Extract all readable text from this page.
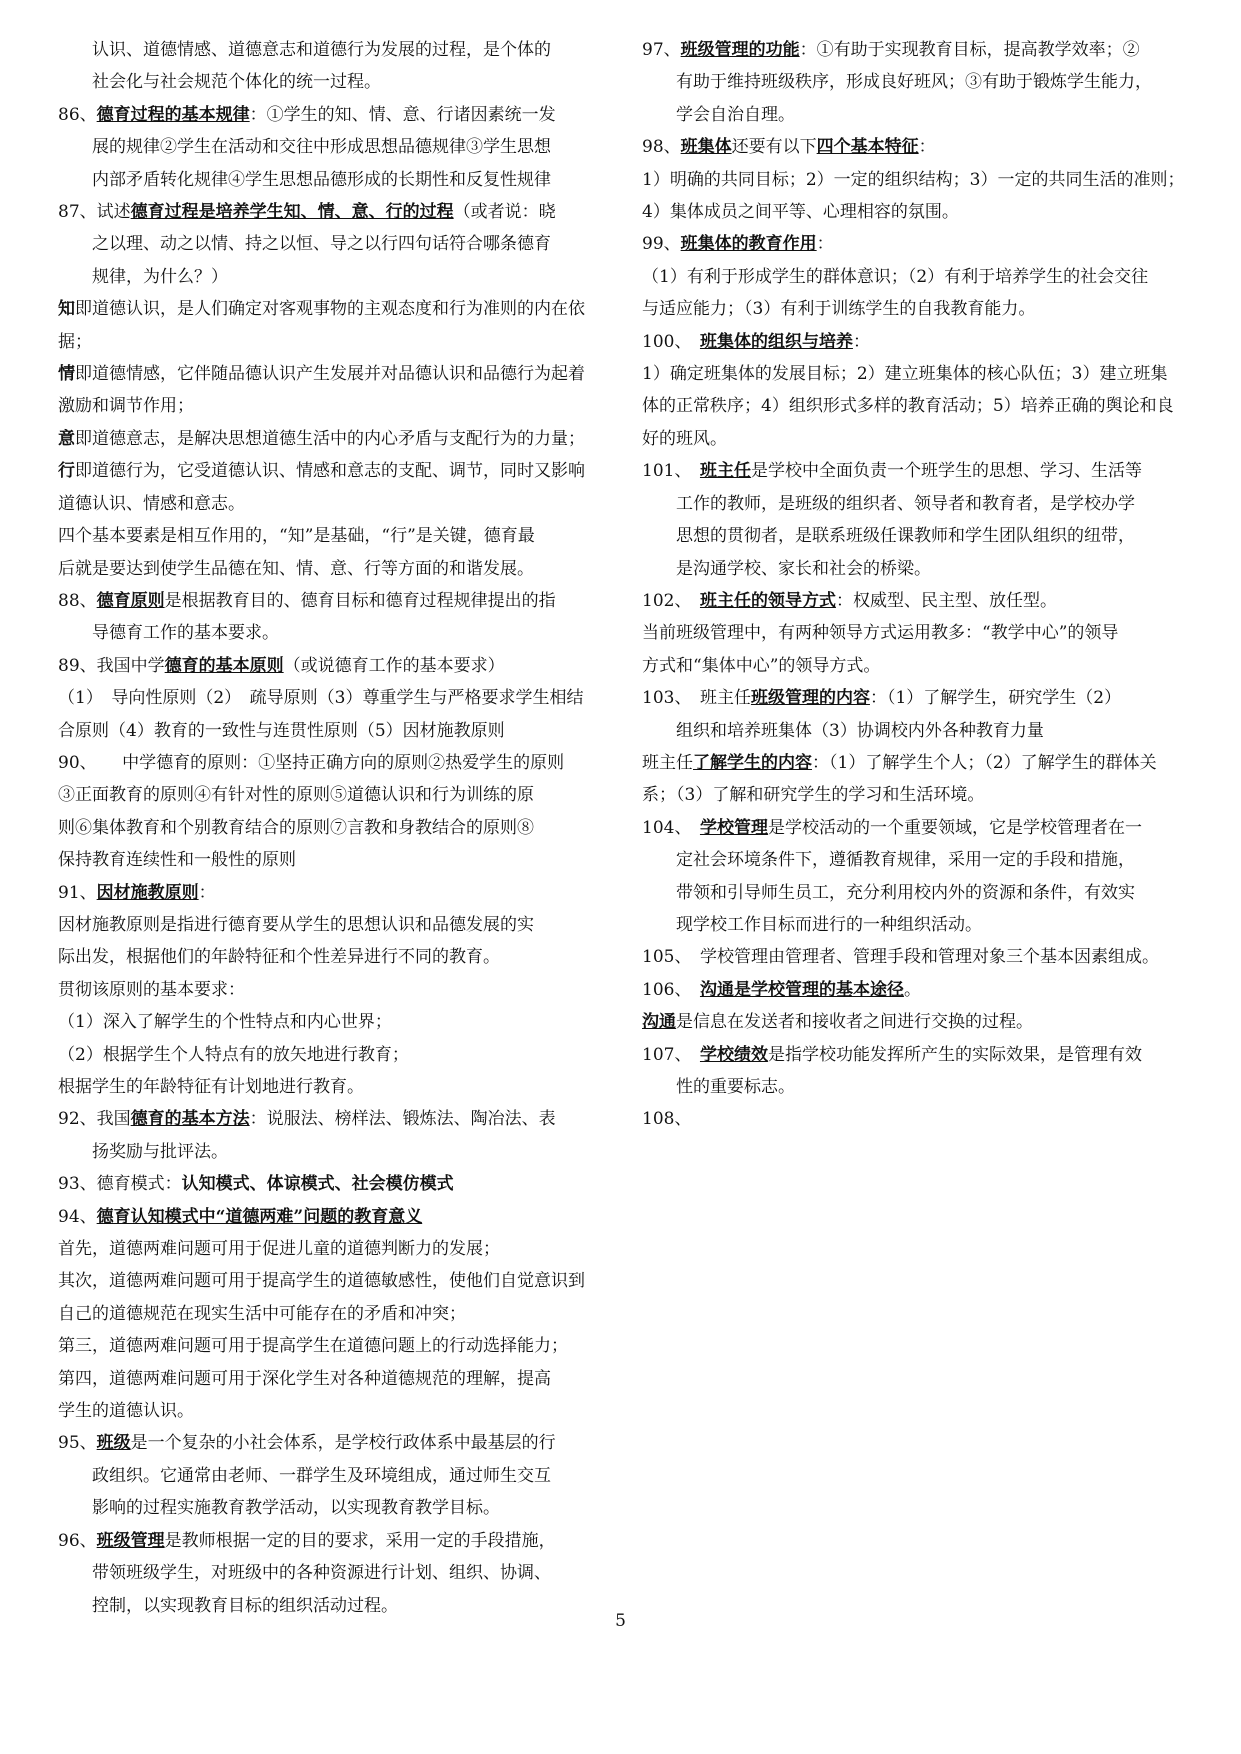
认识、道德情感、道德意志和道德行为发展的过程，是个体的
社会化与社会规范个体化的统一过程。
86、德育过程的基本规律：①学生的知、情、意、行诸因素统一发
展的规律②学生在活动和交往中形成思想品德规律③学生思想
内部矛盾转化规律④学生思想品德形成的长期性和反复性规律
87、试述德育过程是培养学生知、情、意、行的过程（或者说：晓
之以理、动之以情、持之以恒、导之以行四句话符合哪条德育
规律，为什么？）
知即道德认识，是人们确定对客观事物的主观态度和行为准则的内在依
据；
情即道德情感，它伴随品德认识产生发展并对品德认识和品德行为起着
激励和调节作用；
意即道德意志，是解决思想道德生活中的内心矛盾与支配行为的力量；
行即道德行为，它受道德认识、情感和意志的支配、调节，同时又影响
道德认识、情感和意志。
四个基本要素是相互作用的，“知”是基础，“行”是关键，德育最
后就是要达到使学生品德在知、情、意、行等方面的和谐发展。
88、德育原则是根据教育目的、德育目标和德育过程规律提出的指
导德育工作的基本要求。
89、我国中学德育的基本原则（或说德育工作的基本要求）
（1）　导向性原则（2）　疏导原则（3）尊重学生与严格要求学生相结
合原则（4）教育的一致性与连贯性原则（5）因材施教原则
90、　　中学德育的原则：①坚持正确方向的原则②热爱学生的原则
③正面教育的原则④有针对性的原则⑤道德认识和行为训练的原
则⑥集体教育和个别教育结合的原则⑦言教和身教结合的原则⑧
保持教育连续性和一般性的原则
91、因材施教原则：
因材施教原则是指进行德育要从学生的思想认识和品德发展的实
际出发，根据他们的年龄特征和个性差异进行不同的教育。
贯彻该原则的基本要求：
（1）深入了解学生的个性特点和内心世界；
（2）根据学生个人特点有的放矢地进行教育；
根据学生的年龄特征有计划地进行教育。
92、我国德育的基本方法：说服法、榜样法、锻炼法、陶冶法、表
扬奖励与批评法。
93、德育模式：认知模式、体谅模式、社会模仿模式
94、德育认知模式中“道德两难”问题的教育意义
首先，道德两难问题可用于促进儿童的道德判断力的发展；
其次，道德两难问题可用于提高学生的道德敏感性，使他们自觉意识到
自己的道德规范在现实生活中可能存在的矛盾和冲突；
第三，道德两难问题可用于提高学生在道德问题上的行动选择能力；
第四，道德两难问题可用于深化学生对各种道德规范的理解，提高
学生的道德认识。
95、班级是一个复杂的小社会体系，是学校行政体系中最基层的行
政组织。它通常由老师、一群学生及环境组成，通过师生交互
影响的过程实施教育教学活动，以实现教育教学目标。
96、班级管理是教师根据一定的目的要求，采用一定的手段措施，
带领班级学生，对班级中的各种资源进行计划、组织、协调、
控制，以实现教育目标的组织活动过程。
97、班级管理的功能：①有助于实现教育目标，提高教学效率；②
有助于维持班级秩序，形成良好班风；③有助于锻炼学生能力，
学会自治自理。
98、班集体还要有以下四个基本特征：
1）明确的共同目标；2）一定的组织结构；3）一定的共同生活的准则；
4）集体成员之间平等、心理相容的氛围。
99、班集体的教育作用：
（1）有利于形成学生的群体意识；（2）有利于培养学生的社会交往
与适应能力；（3）有利于训练学生的自我教育能力。
100、　班集体的组织与培养：
1）确定班集体的发展目标；2）建立班集体的核心队伍；3）建立班集
体的正常秩序；4）组织形式多样的教育活动；5）培养正确的舆论和良
好的班风。
101、　班主任是学校中全面负责一个班学生的思想、学习、生活等
工作的教师，是班级的组织者、领导者和教育者，是学校办学
思想的贯彻者，是联系班级任课教师和学生团队组织的纽带，
是沟通学校、家长和社会的桥梁。
102、　班主任的领导方式：权威型、民主型、放任型。
当前班级管理中，有两种领导方式运用教多：“教学中心”的领导
方式和“集体中心”的领导方式。
103、　班主任班级管理的内容：（1）了解学生，研究学生（2）
组织和培养班集体（3）协调校内外各种教育力量
班主任了解学生的内容：（1）了解学生个人；（2）了解学生的群体关
系；（3）了解和研究学生的学习和生活环境。
104、　学校管理是学校活动的一个重要领域，它是学校管理者在一
定社会环境条件下，遵循教育规律，采用一定的手段和措施，
带领和引导师生员工，充分利用校内外的资源和条件，有效实
现学校工作目标而进行的一种组织活动。
105、　学校管理由管理者、管理手段和管理对象三个基本因素组成。
106、　沟通是学校管理的基本途径。
沟通是信息在发送者和接收者之间进行交换的过程。
107、　学校绩效是指学校功能发挥所产生的实际效果，是管理有效
性的重要标志。
108、
5
